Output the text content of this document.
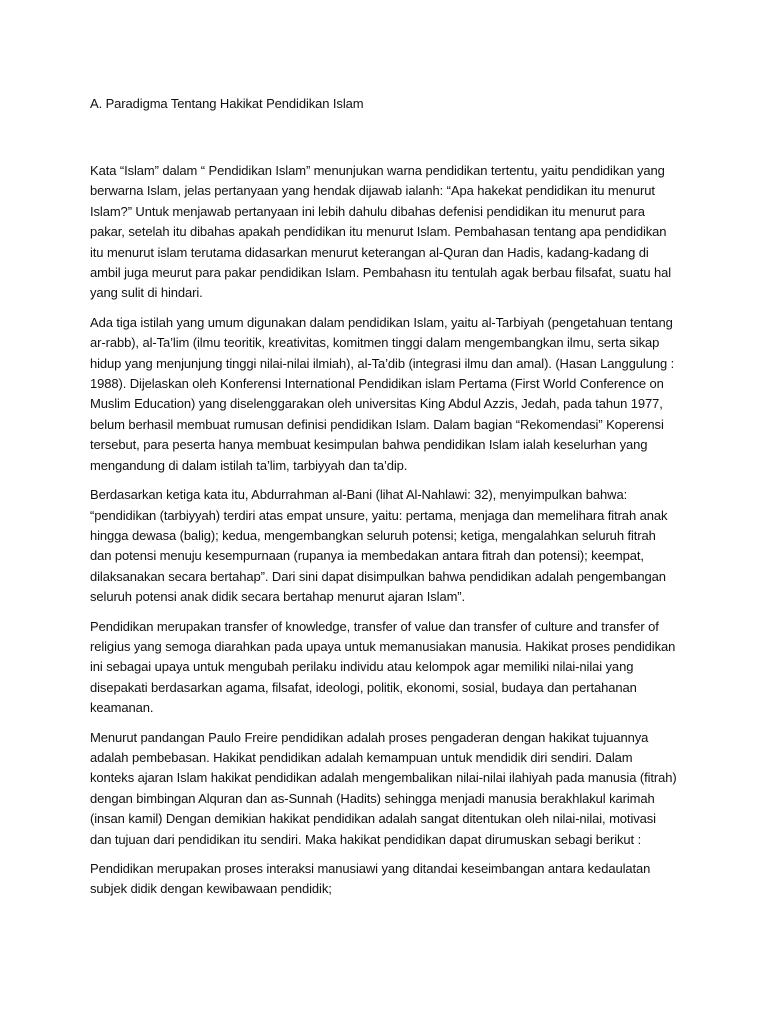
A. Paradigma Tentang Hakikat Pendidikan Islam

Kata “Islam” dalam “ Pendidikan Islam” menunjukan warna pendidikan tertentu, yaitu pendidikan yang berwarna Islam, jelas pertanyaan yang hendak dijawab ialanh: “Apa hakekat pendidikan itu menurut Islam?” Untuk menjawab pertanyaan ini lebih dahulu dibahas defenisi pendidikan itu menurut para pakar, setelah itu dibahas apakah pendidikan itu menurut Islam. Pembahasan tentang apa pendidikan itu menurut islam terutama didasarkan menurut keterangan al-Quran dan Hadis, kadang-kadang di ambil juga meurut para pakar pendidikan Islam. Pembahasn itu tentulah agak berbau filsafat, suatu hal yang sulit di hindari.

Ada tiga istilah yang umum digunakan dalam pendidikan Islam, yaitu al-Tarbiyah (pengetahuan tentang ar-rabb), al-Ta’lim (ilmu teoritik, kreativitas, komitmen tinggi dalam mengembangkan ilmu, serta sikap hidup yang menjunjung tinggi nilai-nilai ilmiah), al-Ta’dib (integrasi ilmu dan amal). (Hasan Langgulung : 1988). Dijelaskan oleh Konferensi International Pendidikan islam Pertama (First World Conference on Muslim Education) yang diselenggarakan oleh universitas King Abdul Azzis, Jedah, pada tahun 1977, belum berhasil membuat rumusan definisi pendidikan Islam. Dalam bagian “Rekomendasi” Koperensi tersebut, para peserta hanya membuat kesimpulan bahwa pendidikan Islam ialah keselurhan yang mengandung di dalam istilah ta’lim, tarbiyyah dan ta’dip.

Berdasarkan ketiga kata itu, Abdurrahman al-Bani (lihat Al-Nahlawi: 32), menyimpulkan bahwa: “pendidikan (tarbiyyah) terdiri atas empat unsure, yaitu: pertama, menjaga dan memelihara fitrah anak hingga dewasa (balig); kedua, mengembangkan seluruh potensi; ketiga, mengalahkan seluruh fitrah dan potensi menuju kesempurnaan (rupanya ia membedakan antara fitrah dan potensi); keempat, dilaksanakan secara bertahap”. Dari sini dapat disimpulkan bahwa pendidikan adalah pengembangan seluruh potensi anak didik secara bertahap menurut ajaran Islam”.

Pendidikan merupakan transfer of knowledge, transfer of value dan transfer of culture and transfer of religius yang semoga diarahkan pada upaya untuk memanusiakan manusia. Hakikat proses pendidikan ini sebagai upaya untuk mengubah perilaku individu atau kelompok agar memiliki nilai-nilai yang disepakati berdasarkan agama, filsafat, ideologi, politik, ekonomi, sosial, budaya dan pertahanan keamanan.

Menurut pandangan Paulo Freire pendidikan adalah proses pengaderan dengan hakikat tujuannya adalah pembebasan. Hakikat pendidikan adalah kemampuan untuk mendidik diri sendiri. Dalam konteks ajaran Islam hakikat pendidikan adalah mengembalikan nilai-nilai ilahiyah pada manusia (fitrah) dengan bimbingan Alquran dan as-Sunnah (Hadits) sehingga menjadi manusia berakhlakul karimah (insan kamil) Dengan demikian hakikat pendidikan adalah sangat ditentukan oleh nilai-nilai, motivasi dan tujuan dari pendidikan itu sendiri. Maka hakikat pendidikan dapat dirumuskan sebagi berikut :

Pendidikan merupakan proses interaksi manusiawi yang ditandai keseimbangan antara kedaulatan subjek didik dengan kewibawaan pendidik;
